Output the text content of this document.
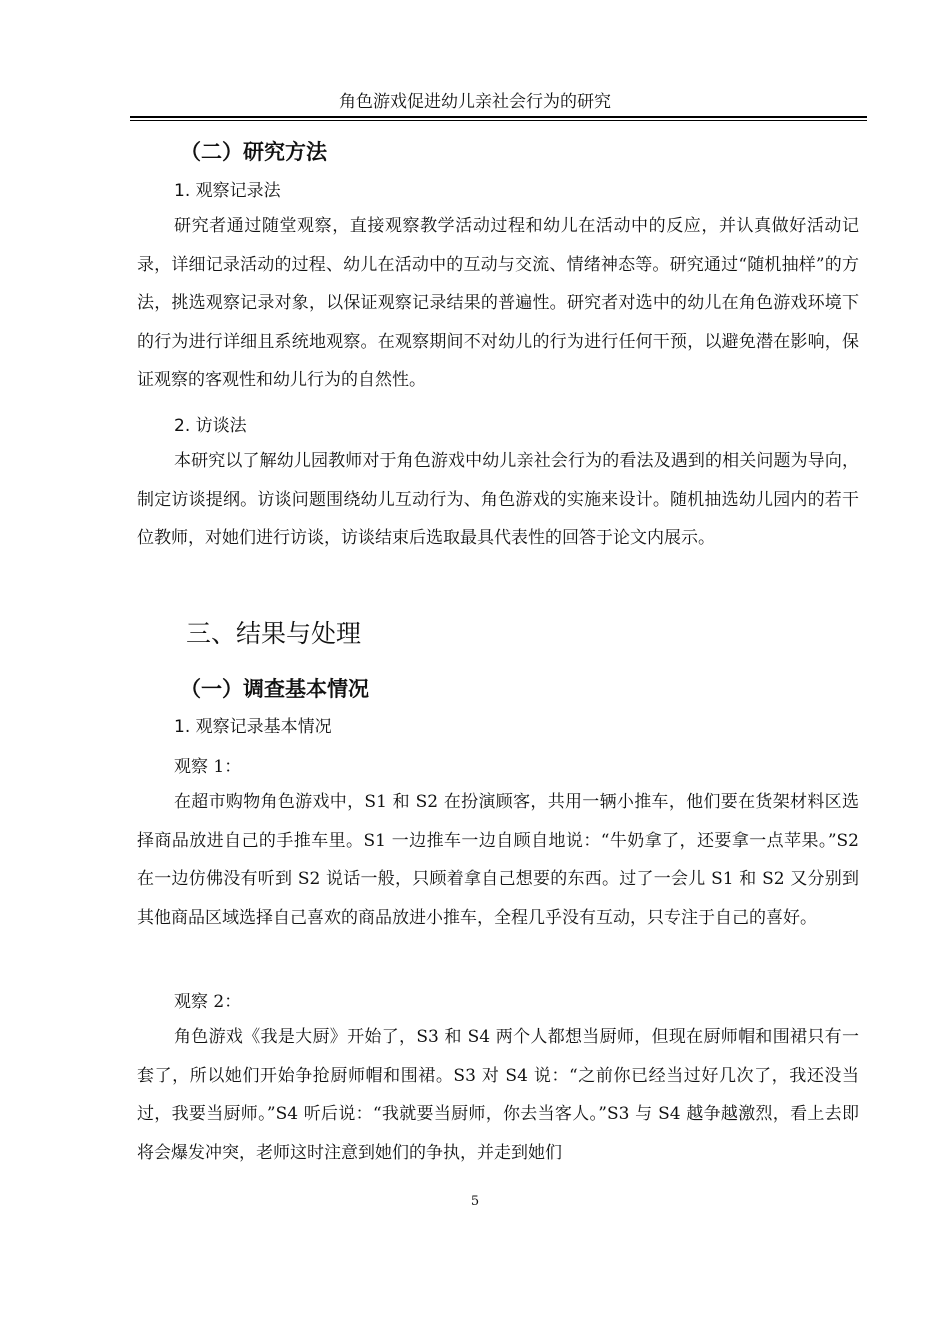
角色游戏促进幼儿亲社会行为的研究
（二）研究方法
1. 观察记录法

研究者通过随堂观察，直接观察教学活动过程和幼儿在活动中的反应，并认真做好活动记录，详细记录活动的过程、幼儿在活动中的互动与交流、情绪神态等。研究通过“随机抽样”的方法，挑选观察记录对象，以保证观察记录结果的普遍性。研究者对选中的幼儿在角色游戏环境下的行为进行详细且系统地观察。在观察期间不对幼儿的行为进行任何干预，以避免潜在影响，保证观察的客观性和幼儿行为的自然性。

2. 访谈法

本研究以了解幼儿园教师对于角色游戏中幼儿亲社会行为的看法及遇到的相关问题为导向，制定访谈提纲。访谈问题围绕幼儿互动行为、角色游戏的实施来设计。随机抽选幼儿园内的若干位教师，对她们进行访谈，访谈结束后选取最具代表性的回答于论文内展示。

三、结果与处理
（一）调查基本情况
1. 观察记录基本情况
观察 1：

在超市购物角色游戏中，S1 和 S2 在扮演顾客，共用一辆小推车，他们要在货架材料区选择商品放进自己的手推车里。S1 一边推车一边自顾自地说：“牛奶拿了，还要拿一点苹果。”S2 在一边仿佛没有听到 S2 说话一般，只顾着拿自己想要的东西。过了一会儿 S1 和 S2 又分别到其他商品区域选择自己喜欢的商品放进小推车，全程几乎没有互动，只专注于自己的喜好。

观察 2：

角色游戏《我是大厨》开始了，S3 和 S4 两个人都想当厨师，但现在厨师帽和围裙只有一套了，所以她们开始争抢厨师帽和围裙。S3 对 S4 说：“之前你已经当过好几次了，我还没当过，我要当厨师。”S4 听后说：“我就要当厨师，你去当客人。”S3 与 S4 越争越激烈，看上去即将会爆发冲突，老师这时注意到她们的争执，并走到她们

5
